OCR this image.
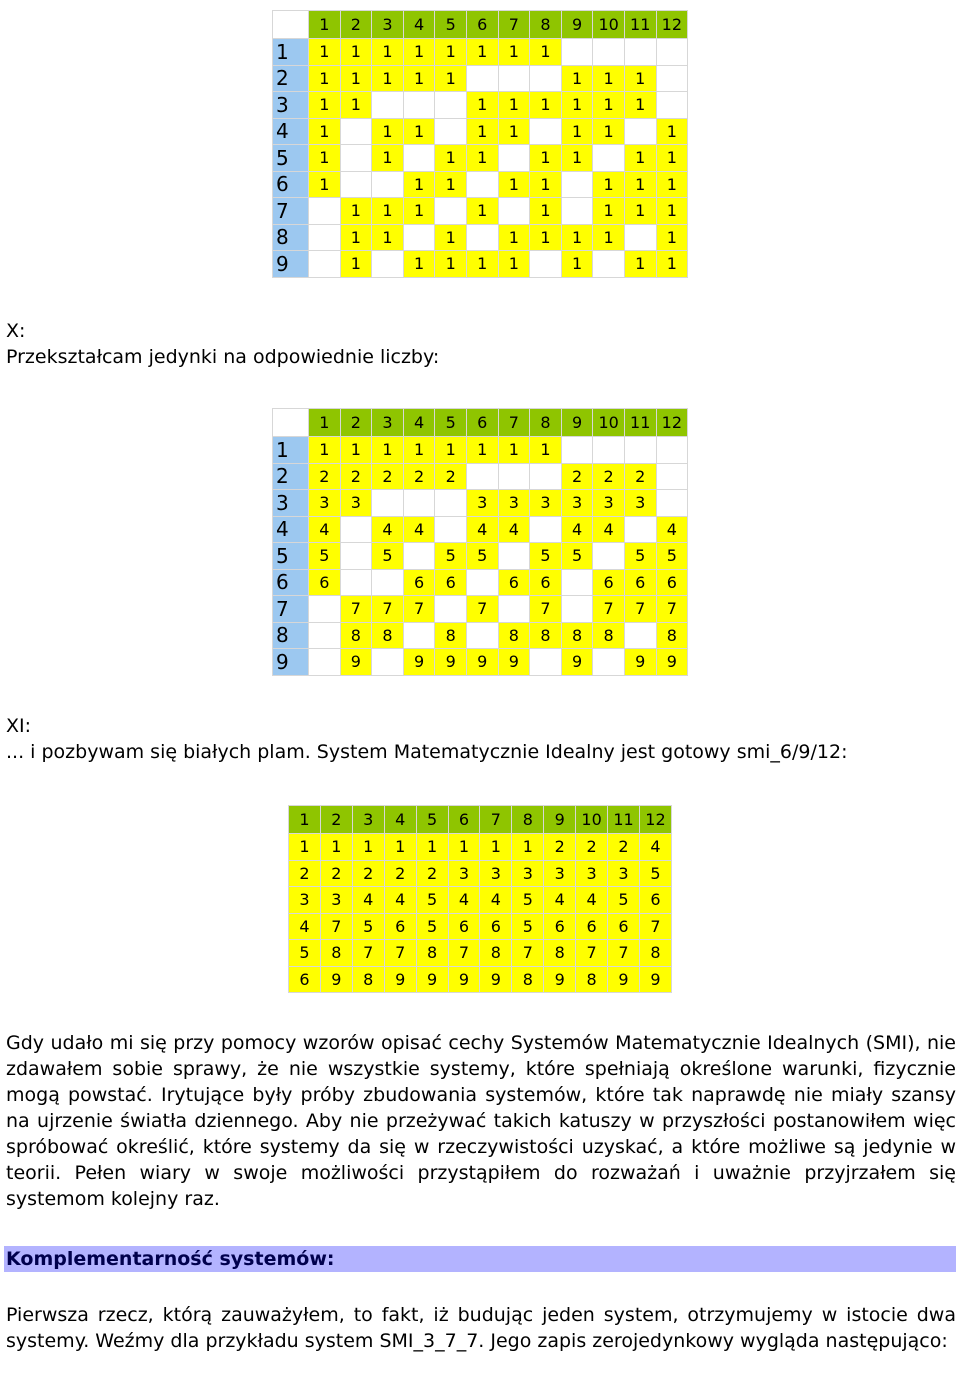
	1	2	3	4	5	6	7	8	9	10	11	12
1	1	1	1	1	1	1	1	1				
2	1	1	1	1	1				1	1	1	
3	1	1				1	1	1	1	1	1	
4	1		1	1		1	1		1	1		1
5	1		1		1	1		1	1		1	1
6	1			1	1		1	1		1	1	1
7		1	1	1		1		1		1	1	1
8		1	1		1		1	1	1	1		1
9		1		1	1	1	1		1		1	1
X:
Przekształcam jedynki na odpowiednie liczby:
	1	2	3	4	5	6	7	8	9	10	11	12
1	1	1	1	1	1	1	1	1				
2	2	2	2	2	2				2	2	2	
3	3	3				3	3	3	3	3	3	
4	4		4	4		4	4		4	4		4
5	5		5		5	5		5	5		5	5
6	6			6	6		6	6		6	6	6
7		7	7	7		7		7		7	7	7
8		8	8		8		8	8	8	8		8
9		9		9	9	9	9		9		9	9
XI:
... i pozbywam się białych plam. System Matematycznie Idealny jest gotowy smi_6/9/12:
1	2	3	4	5	6	7	8	9	10	11	12
1	1	1	1	1	1	1	1	2	2	2	4
2	2	2	2	2	3	3	3	3	3	3	5
3	3	4	4	5	4	4	5	4	4	5	6
4	7	5	6	5	6	6	5	6	6	6	7
5	8	7	7	8	7	8	7	8	7	7	8
6	9	8	9	9	9	9	8	9	8	9	9

Gdy udało mi się przy pomocy wzorów opisać cechy Systemów Matematycznie Idealnych (SMI), nie zdawałem sobie sprawy, że nie wszystkie systemy, które spełniają określone warunki, fizycznie mogą powstać. Irytujące były próby zbudowania systemów, które tak naprawdę nie miały szansy na ujrzenie światła dziennego. Aby nie przeżywać takich katuszy w przyszłości postanowiłem więc spróbować określić, które systemy da się w rzeczywistości uzyskać, a które możliwe są jedynie w teorii. Pełen wiary w swoje możliwości przystąpiłem do rozważań i uważnie przyjrzałem się systemom kolejny raz.

Komplementarność systemów:

Pierwsza rzecz, którą zauważyłem, to fakt, iż budując jeden system, otrzymujemy w istocie dwa systemy. Weźmy dla przykładu system SMI_3_7_7. Jego zapis zerojedynkowy wygląda następująco:
